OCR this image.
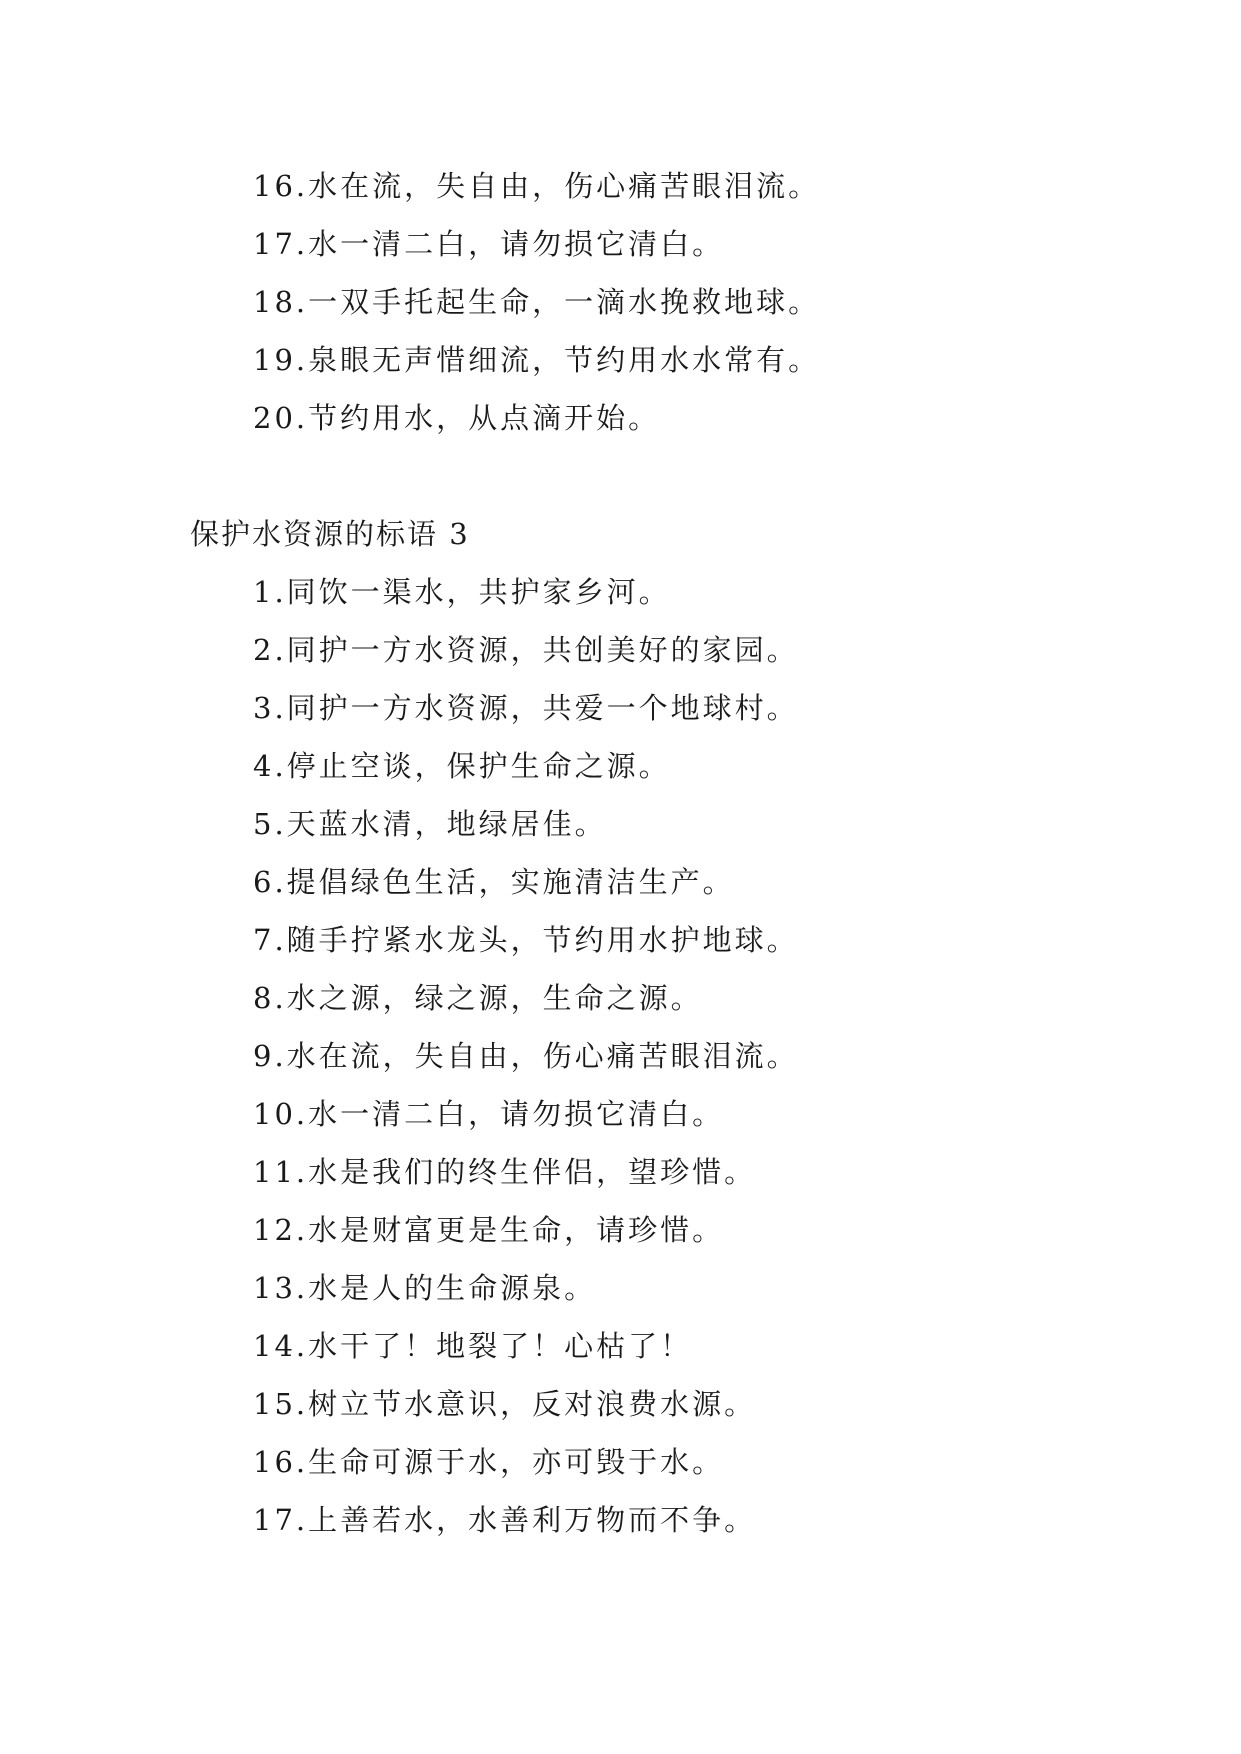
16.水在流，失自由，伤心痛苦眼泪流。
17.水一清二白，请勿损它清白。
18.一双手托起生命，一滴水挽救地球。
19.泉眼无声惜细流，节约用水水常有。
20.节约用水，从点滴开始。
保护水资源的标语 3
1.同饮一渠水，共护家乡河。
2.同护一方水资源，共创美好的家园。
3.同护一方水资源，共爱一个地球村。
4.停止空谈，保护生命之源。
5.天蓝水清，地绿居佳。
6.提倡绿色生活，实施清洁生产。
7.随手拧紧水龙头，节约用水护地球。
8.水之源，绿之源，生命之源。
9.水在流，失自由，伤心痛苦眼泪流。
10.水一清二白，请勿损它清白。
11.水是我们的终生伴侣，望珍惜。
12.水是财富更是生命，请珍惜。
13.水是人的生命源泉。
14.水干了！地裂了！心枯了！
15.树立节水意识，反对浪费水源。
16.生命可源于水，亦可毁于水。
17.上善若水，水善利万物而不争。
